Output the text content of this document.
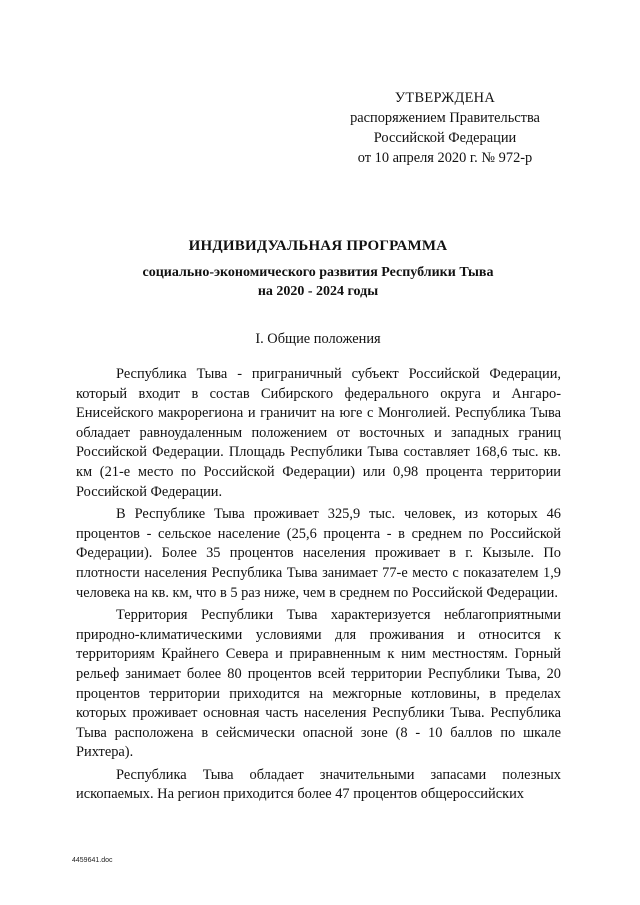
УТВЕРЖДЕНА
распоряжением Правительства
Российской Федерации
от 10 апреля 2020 г. № 972-р
ИНДИВИДУАЛЬНАЯ ПРОГРАММА
социально-экономического развития Республики Тыва
на 2020 - 2024 годы
I. Общие положения

Республика Тыва - приграничный субъект Российской Федерации, который входит в состав Сибирского федерального округа и Ангаро-Енисейского макрорегиона и граничит на юге с Монголией. Республика Тыва обладает равноудаленным положением от восточных и западных границ Российской Федерации. Площадь Республики Тыва составляет 168,6 тыс. кв. км (21-е место по Российской Федерации) или 0,98 процента территории Российской Федерации.

В Республике Тыва проживает 325,9 тыс. человек, из которых 46 процентов - сельское население (25,6 процента - в среднем по Российской Федерации). Более 35 процентов населения проживает в г. Кызыле. По плотности населения Республика Тыва занимает 77-е место с показателем 1,9 человека на кв. км, что в 5 раз ниже, чем в среднем по Российской Федерации.

Территория Республики Тыва характеризуется неблагоприятными природно-климатическими условиями для проживания и относится к территориям Крайнего Севера и приравненным к ним местностям. Горный рельеф занимает более 80 процентов всей территории Республики Тыва, 20 процентов территории приходится на межгорные котловины, в пределах которых проживает основная часть населения Республики Тыва. Республика Тыва расположена в сейсмически опасной зоне (8 - 10 баллов по шкале Рихтера).

Республика Тыва обладает значительными запасами полезных ископаемых. На регион приходится более 47 процентов общероссийских

4459641.doc
